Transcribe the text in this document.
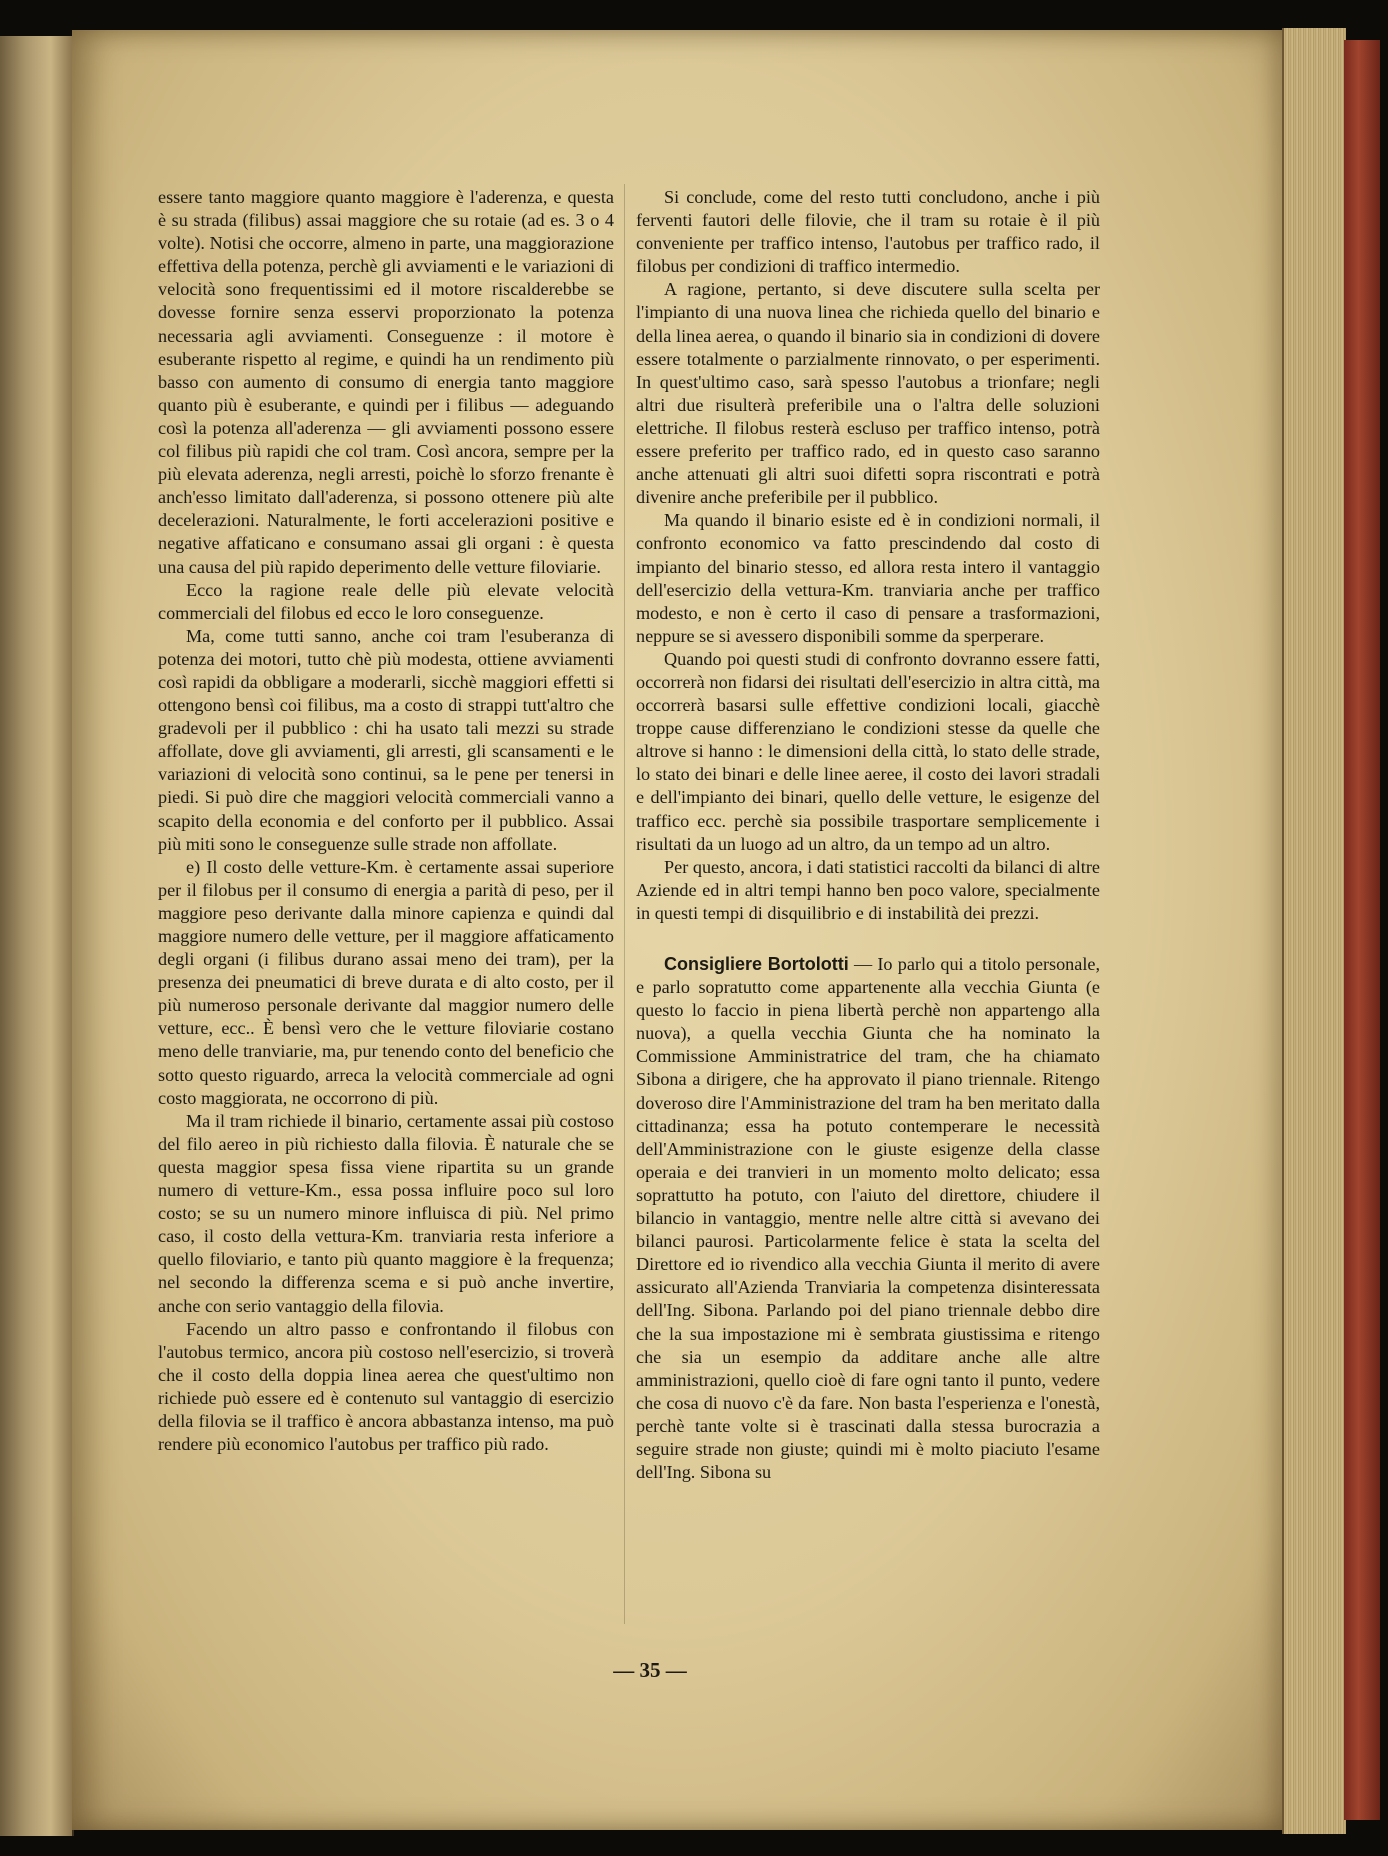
essere tanto maggiore quanto maggiore è l'aderenza, e questa è su strada (filibus) assai maggiore che su rotaie (ad es. 3 o 4 volte). Notisi che occorre, almeno in parte, una maggiorazione effettiva della potenza, perchè gli avviamenti e le variazioni di velocità sono frequentissimi ed il motore riscalderebbe se dovesse fornire senza esservi proporzionato la potenza necessaria agli avviamenti. Conseguenze : il motore è esuberante rispetto al regime, e quindi ha un rendimento più basso con aumento di consumo di energia tanto maggiore quanto più è esuberante, e quindi per i filibus — adeguando così la potenza all'aderenza — gli avviamenti possono essere col filibus più rapidi che col tram. Così ancora, sempre per la più elevata aderenza, negli arresti, poichè lo sforzo frenante è anch'esso limitato dall'aderenza, si possono ottenere più alte decelerazioni. Naturalmente, le forti accelerazioni positive e negative affaticano e consumano assai gli organi : è questa una causa del più rapido deperimento delle vetture filoviarie.

Ecco la ragione reale delle più elevate velocità commerciali del filobus ed ecco le loro conseguenze.

Ma, come tutti sanno, anche coi tram l'esuberanza di potenza dei motori, tutto chè più modesta, ottiene avviamenti così rapidi da obbligare a moderarli, sicchè maggiori effetti si ottengono bensì coi filibus, ma a costo di strappi tutt'altro che gradevoli per il pubblico : chi ha usato tali mezzi su strade affollate, dove gli avviamenti, gli arresti, gli scansamenti e le variazioni di velocità sono continui, sa le pene per tenersi in piedi. Si può dire che maggiori velocità commerciali vanno a scapito della economia e del conforto per il pubblico. Assai più miti sono le conseguenze sulle strade non affollate.

e) Il costo delle vetture-Km. è certamente assai superiore per il filobus per il consumo di energia a parità di peso, per il maggiore peso derivante dalla minore capienza e quindi dal maggiore numero delle vetture, per il maggiore affaticamento degli organi (i filibus durano assai meno dei tram), per la presenza dei pneumatici di breve durata e di alto costo, per il più numeroso personale derivante dal maggior numero delle vetture, ecc.. È bensì vero che le vetture filoviarie costano meno delle tranviarie, ma, pur tenendo conto del beneficio che sotto questo riguardo, arreca la velocità commerciale ad ogni costo maggiorata, ne occorrono di più.

Ma il tram richiede il binario, certamente assai più costoso del filo aereo in più richiesto dalla filovia. È naturale che se questa maggior spesa fissa viene ripartita su un grande numero di vetture-Km., essa possa influire poco sul loro costo; se su un numero minore influisca di più. Nel primo caso, il costo della vettura-Km. tranviaria resta inferiore a quello filoviario, e tanto più quanto maggiore è la frequenza; nel secondo la differenza scema e si può anche invertire, anche con serio vantaggio della filovia.

Facendo un altro passo e confrontando il filobus con l'autobus termico, ancora più costoso nell'esercizio, si troverà che il costo della doppia linea aerea che quest'ultimo non richiede può essere ed è contenuto sul vantaggio di esercizio della filovia se il traffico è ancora abbastanza intenso, ma può rendere più economico l'autobus per traffico più rado.

Si conclude, come del resto tutti concludono, anche i più ferventi fautori delle filovie, che il tram su rotaie è il più conveniente per traffico intenso, l'autobus per traffico rado, il filobus per condizioni di traffico intermedio.

A ragione, pertanto, si deve discutere sulla scelta per l'impianto di una nuova linea che richieda quello del binario e della linea aerea, o quando il binario sia in condizioni di dovere essere totalmente o parzialmente rinnovato, o per esperimenti. In quest'ultimo caso, sarà spesso l'autobus a trionfare; negli altri due risulterà preferibile una o l'altra delle soluzioni elettriche. Il filobus resterà escluso per traffico intenso, potrà essere preferito per traffico rado, ed in questo caso saranno anche attenuati gli altri suoi difetti sopra riscontrati e potrà divenire anche preferibile per il pubblico.

Ma quando il binario esiste ed è in condizioni normali, il confronto economico va fatto prescindendo dal costo di impianto del binario stesso, ed allora resta intero il vantaggio dell'esercizio della vettura-Km. tranviaria anche per traffico modesto, e non è certo il caso di pensare a trasformazioni, neppure se si avessero disponibili somme da sperperare.

Quando poi questi studi di confronto dovranno essere fatti, occorrerà non fidarsi dei risultati dell'esercizio in altra città, ma occorrerà basarsi sulle effettive condizioni locali, giacchè troppe cause differenziano le condizioni stesse da quelle che altrove si hanno : le dimensioni della città, lo stato delle strade, lo stato dei binari e delle linee aeree, il costo dei lavori stradali e dell'impianto dei binari, quello delle vetture, le esigenze del traffico ecc. perchè sia possibile trasportare semplicemente i risultati da un luogo ad un altro, da un tempo ad un altro.

Per questo, ancora, i dati statistici raccolti da bilanci di altre Aziende ed in altri tempi hanno ben poco valore, specialmente in questi tempi di disquilibrio e di instabilità dei prezzi.

Consigliere Bortolotti — Io parlo qui a titolo personale, e parlo sopratutto come appartenente alla vecchia Giunta (e questo lo faccio in piena libertà perchè non appartengo alla nuova), a quella vecchia Giunta che ha nominato la Commissione Amministratrice del tram, che ha chiamato Sibona a dirigere, che ha approvato il piano triennale. Ritengo doveroso dire l'Amministrazione del tram ha ben meritato dalla cittadinanza; essa ha potuto contemperare le necessità dell'Amministrazione con le giuste esigenze della classe operaia e dei tranvieri in un momento molto delicato; essa soprattutto ha potuto, con l'aiuto del direttore, chiudere il bilancio in vantaggio, mentre nelle altre città si avevano dei bilanci paurosi. Particolarmente felice è stata la scelta del Direttore ed io rivendico alla vecchia Giunta il merito di avere assicurato all'Azienda Tranviaria la competenza disinteressata dell'Ing. Sibona. Parlando poi del piano triennale debbo dire che la sua impostazione mi è sembrata giustissima e ritengo che sia un esempio da additare anche alle altre amministrazioni, quello cioè di fare ogni tanto il punto, vedere che cosa di nuovo c'è da fare. Non basta l'esperienza e l'onestà, perchè tante volte si è trascinati dalla stessa burocrazia a seguire strade non giuste; quindi mi è molto piaciuto l'esame dell'Ing. Sibona su

— 35 —
